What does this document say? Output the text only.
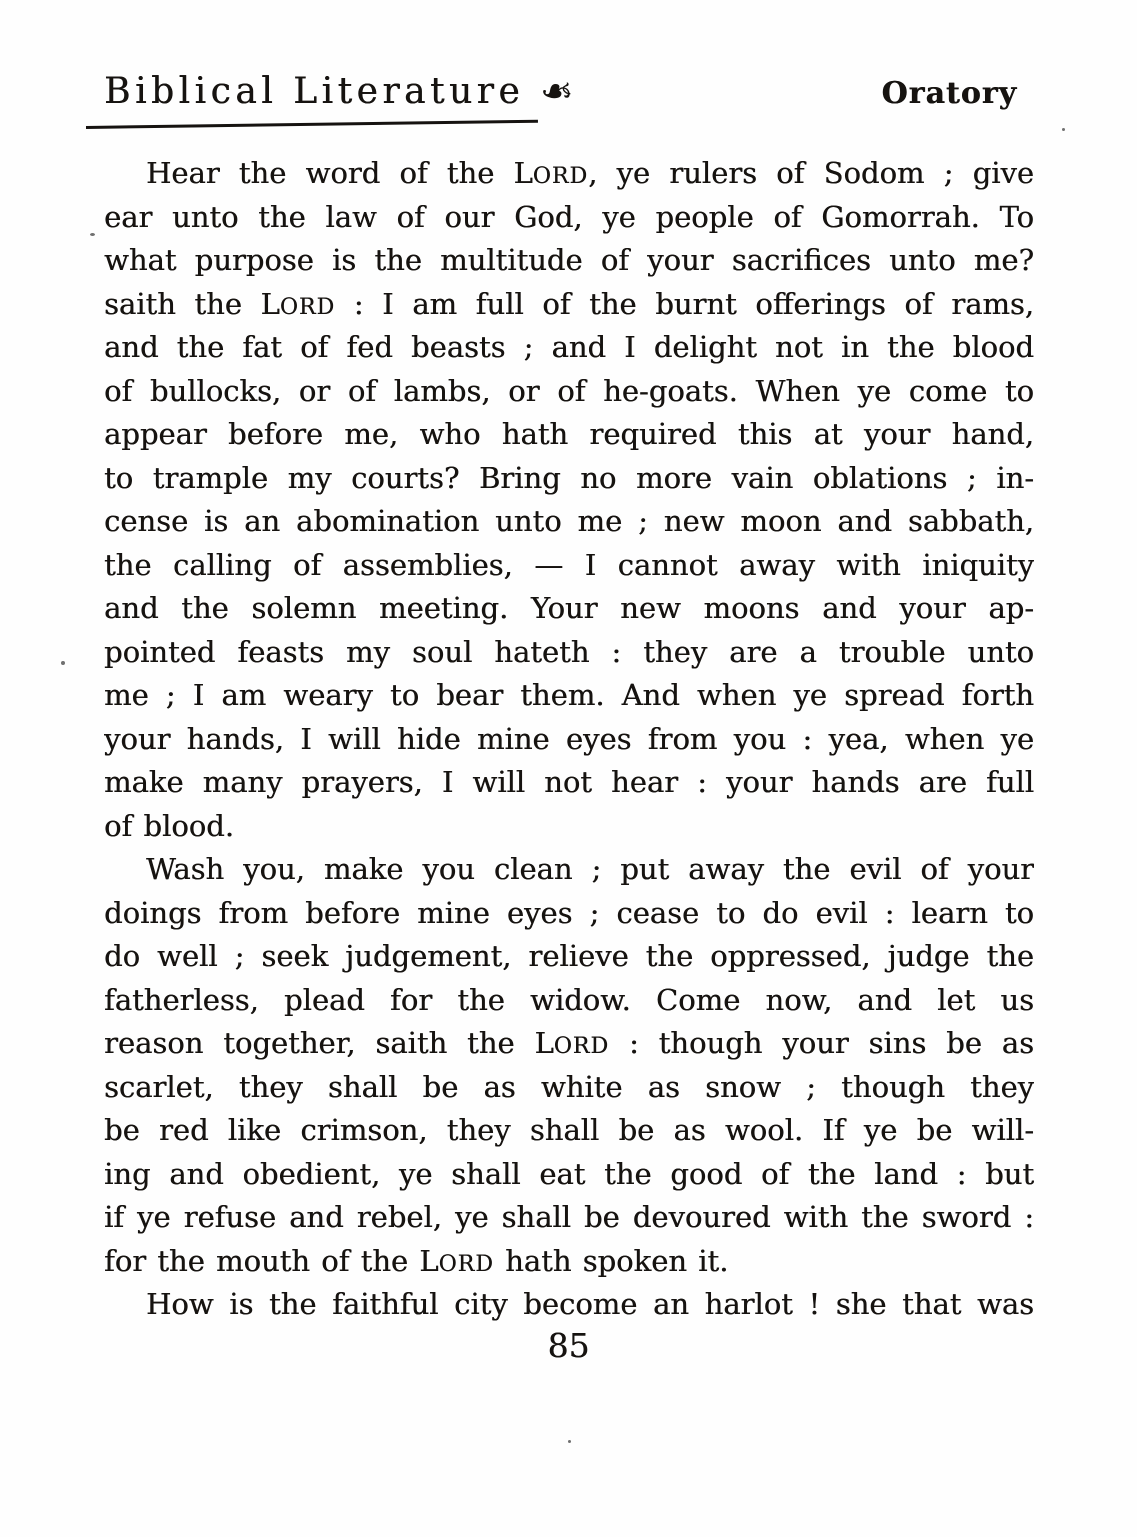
Biblical Literature ❧	Oratory
Hear the word of the LORD, ye rulers of Sodom ; give
ear unto the law of our God, ye people of Gomorrah. To
what purpose is the multitude of your sacrifices unto me?
saith the LORD : I am full of the burnt offerings of rams,
and the fat of fed beasts ; and I delight not in the blood
of bullocks, or of lambs, or of he-goats. When ye come to
appear before me, who hath required this at your hand,
to trample my courts? Bring no more vain oblations ; in-
cense is an abomination unto me ; new moon and sabbath,
the calling of assemblies, — I cannot away with iniquity
and the solemn meeting. Your new moons and your ap-
pointed feasts my soul hateth : they are a trouble unto
me ; I am weary to bear them. And when ye spread forth
your hands, I will hide mine eyes from you : yea, when ye
make many prayers, I will not hear : your hands are full
of blood.
Wash you, make you clean ; put away the evil of your
doings from before mine eyes ; cease to do evil : learn to
do well ; seek judgement, relieve the oppressed, judge the
fatherless, plead for the widow. Come now, and let us
reason together, saith the LORD : though your sins be as
scarlet, they shall be as white as snow ; though they
be red like crimson, they shall be as wool. If ye be will-
ing and obedient, ye shall eat the good of the land : but
if ye refuse and rebel, ye shall be devoured with the sword :
for the mouth of the LORD hath spoken it.
How is the faithful city become an harlot ! she that was
85
